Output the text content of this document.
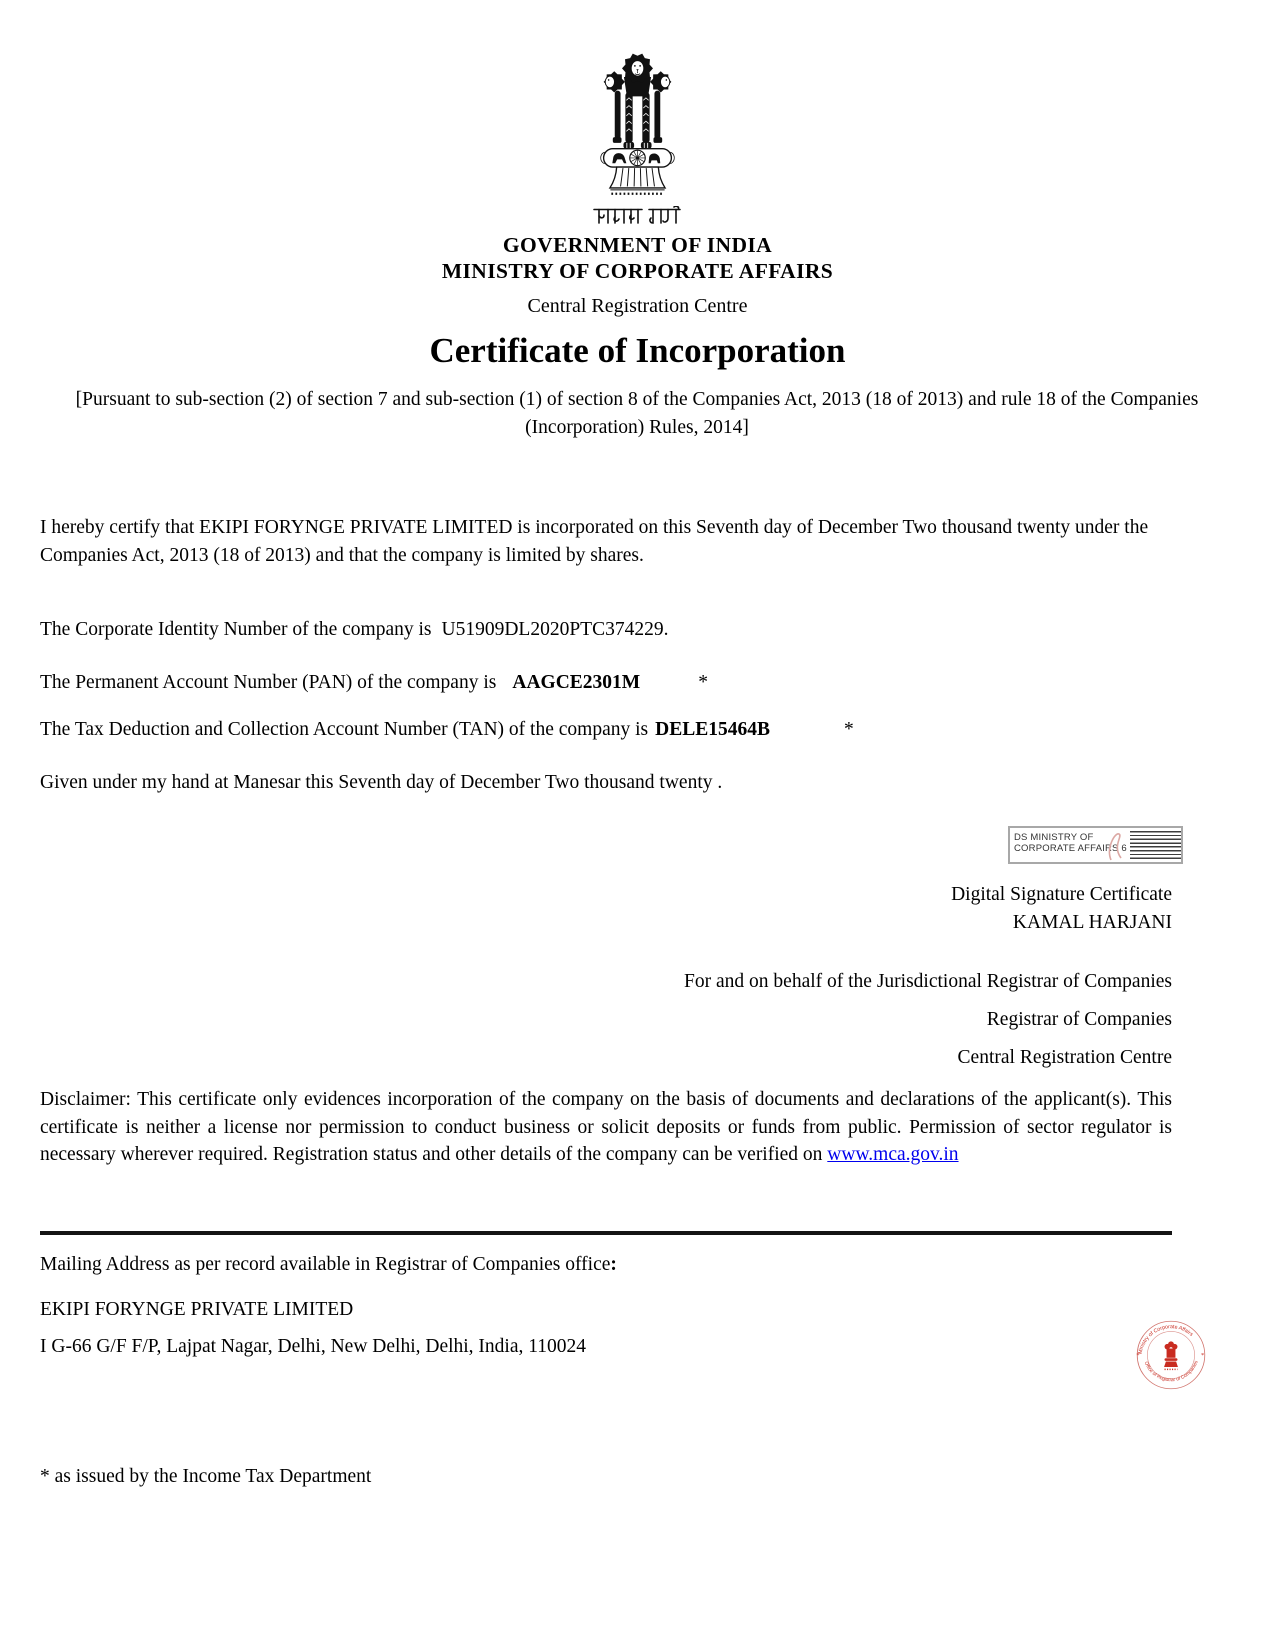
GOVERNMENT OF INDIA
MINISTRY OF CORPORATE AFFAIRS
Central Registration Centre
Certificate of Incorporation
[Pursuant to sub-section (2) of section 7 and sub-section (1) of section 8 of the Companies Act, 2013 (18 of 2013) and rule 18 of the Companies (Incorporation) Rules, 2014]
I hereby certify that EKIPI FORYNGE PRIVATE LIMITED is incorporated on this Seventh day of December Two thousand twenty under the Companies Act, 2013 (18 of 2013) and that the company is limited by shares.
The Corporate Identity Number of the company is U51909DL2020PTC374229.
The Permanent Account Number (PAN) of the company is AAGCE2301M	*
The Tax Deduction and Collection Account Number (TAN) of the company is DELE15464B	*
Given under my hand at Manesar this Seventh day of December Two thousand twenty .
DS MINISTRY OF
CORPORATE AFFAIRS 6
Digital Signature Certificate
KAMAL HARJANI
For and on behalf of the Jurisdictional Registrar of Companies
Registrar of Companies
Central Registration Centre
Disclaimer: This certificate only evidences incorporation of the company on the basis of documents and declarations of the applicant(s). This certificate is neither a license nor permission to conduct business or solicit deposits or funds from public. Permission of sector regulator is necessary wherever required. Registration status and other details of the company can be verified on www.mca.gov.in
Mailing Address as per record available in Registrar of Companies office:
EKIPI FORYNGE PRIVATE LIMITED
I G-66 G/F F/P, Lajpat Nagar, Delhi, New Delhi, Delhi, India, 110024	Ministry of Corporate Affairs
Office of Registrar of Companies
*	*
* as issued by the Income Tax Department
